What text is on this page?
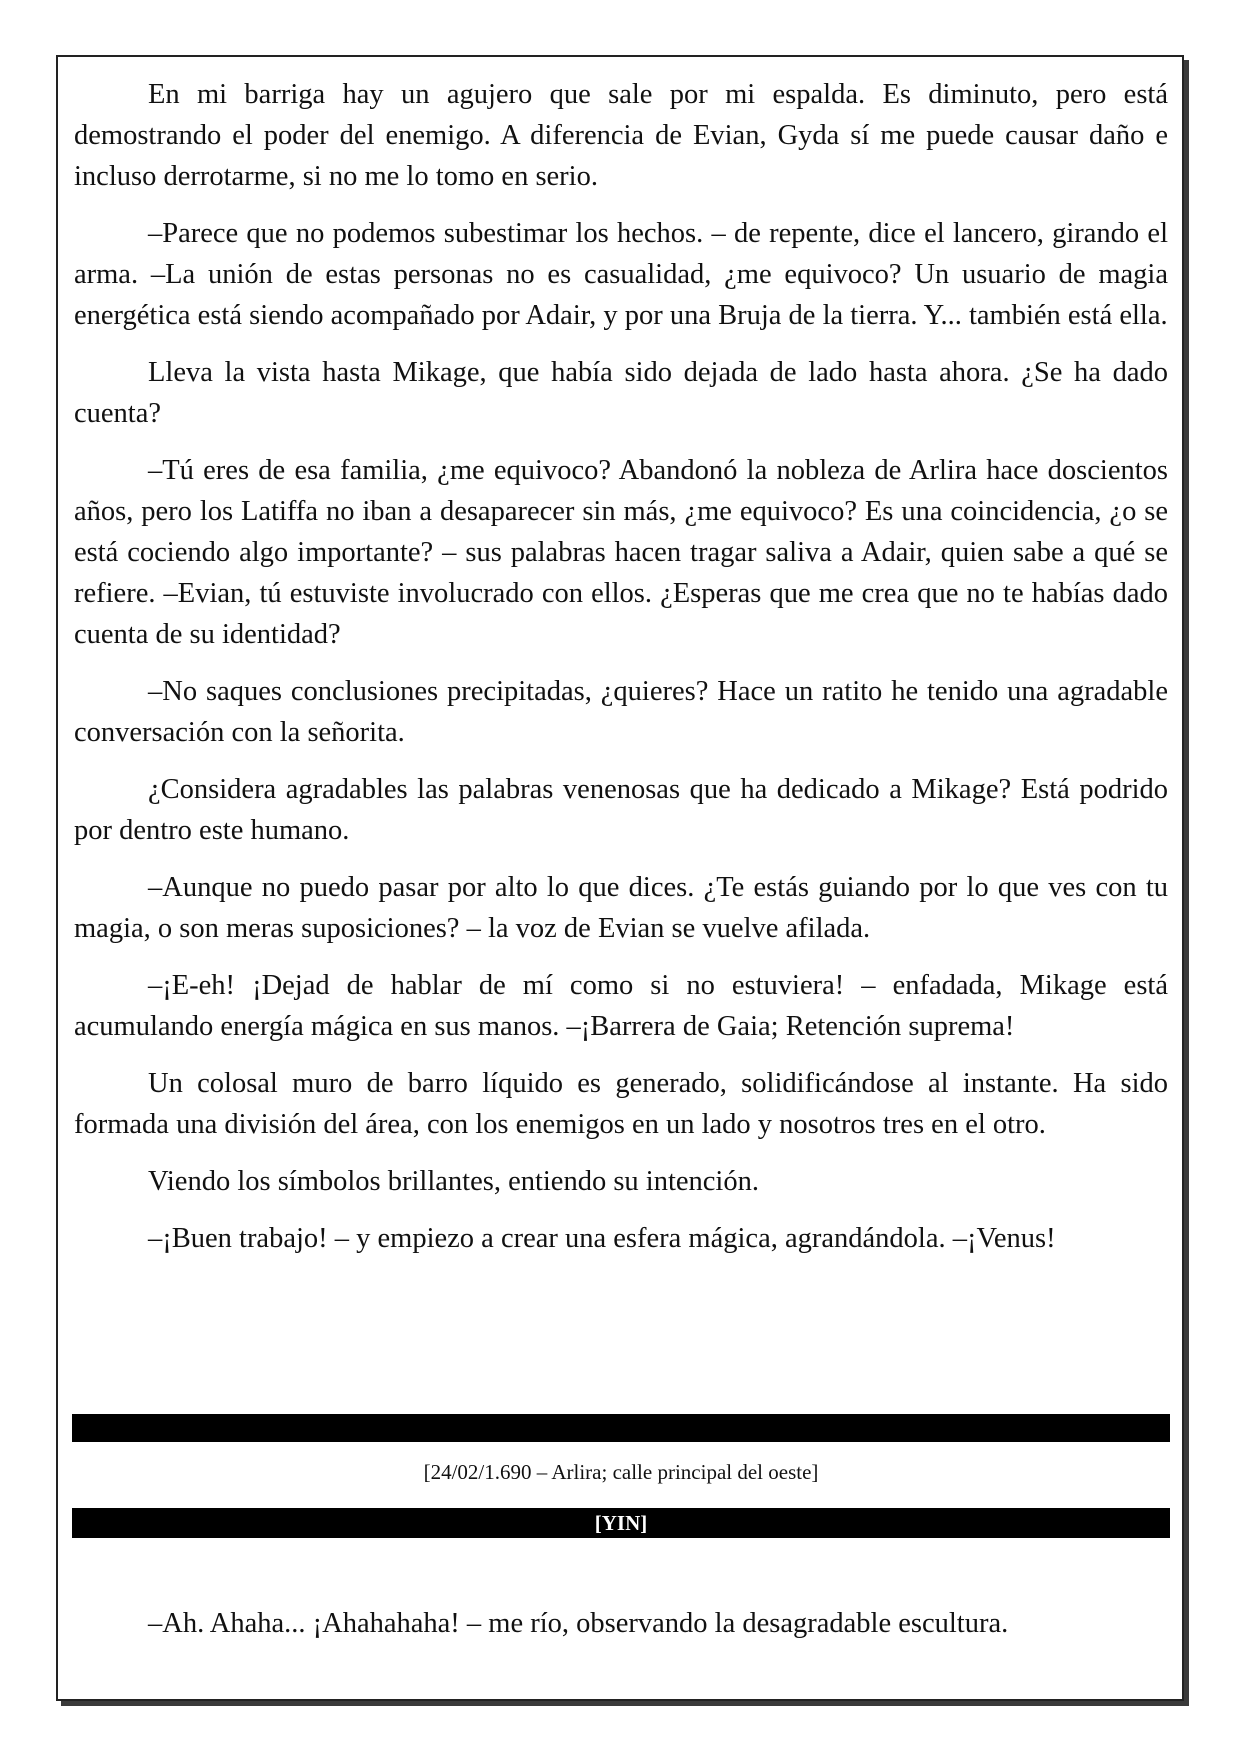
En mi barriga hay un agujero que sale por mi espalda. Es diminuto, pero está demostrando el poder del enemigo. A diferencia de Evian, Gyda sí me puede causar daño e incluso derrotarme, si no me lo tomo en serio.

–Parece que no podemos subestimar los hechos. – de repente, dice el lancero, girando el arma. –La unión de estas personas no es casualidad, ¿me equivoco? Un usuario de magia energética está siendo acompañado por Adair, y por una Bruja de la tierra. Y... también está ella.

Lleva la vista hasta Mikage, que había sido dejada de lado hasta ahora. ¿Se ha dado cuenta?

–Tú eres de esa familia, ¿me equivoco? Abandonó la nobleza de Arlira hace doscientos años, pero los Latiffa no iban a desaparecer sin más, ¿me equivoco? Es una coincidencia, ¿o se está cociendo algo importante? – sus palabras hacen tragar saliva a Adair, quien sabe a qué se refiere. –Evian, tú estuviste involucrado con ellos. ¿Esperas que me crea que no te habías dado cuenta de su identidad?

–No saques conclusiones precipitadas, ¿quieres? Hace un ratito he tenido una agradable conversación con la señorita.

¿Considera agradables las palabras venenosas que ha dedicado a Mikage? Está podrido por dentro este humano.

–Aunque no puedo pasar por alto lo que dices. ¿Te estás guiando por lo que ves con tu magia, o son meras suposiciones? – la voz de Evian se vuelve afilada.

–¡E-eh! ¡Dejad de hablar de mí como si no estuviera! – enfadada, Mikage está acumulando energía mágica en sus manos. –¡Barrera de Gaia; Retención suprema!

Un colosal muro de barro líquido es generado, solidificándose al instante. Ha sido formada una división del área, con los enemigos en un lado y nosotros tres en el otro.

Viendo los símbolos brillantes, entiendo su intención.

–¡Buen trabajo! – y empiezo a crear una esfera mágica, agrandándola. –¡Venus!

[24/02/1.690 – Arlira; calle principal del oeste]
[YIN]

–Ah. Ahaha... ¡Ahahahaha! – me río, observando la desagradable escultura.
